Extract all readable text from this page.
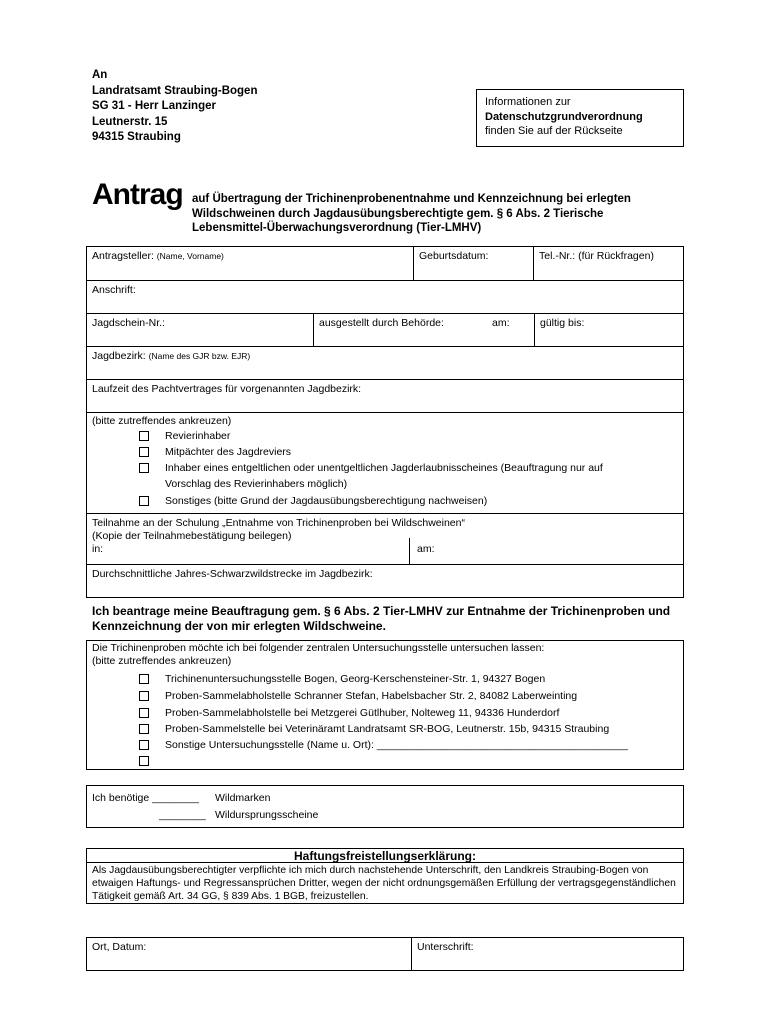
An
Landratsamt Straubing-Bogen
SG 31 - Herr Lanzinger
Leutnerstr. 15
94315 Straubing
Informationen zur
Datenschutzgrundverordnung
finden Sie auf der Rückseite
Antrag auf Übertragung der Trichinenprobenentnahme und Kennzeichnung bei erlegten Wildschweinen durch Jagdausübungsberechtigte gem. § 6 Abs. 2 Tierische Lebensmittel-Überwachungsverordnung (Tier-LMHV)
Antragsteller: (Name, Vorname)	Geburtsdatum:	Tel.-Nr.: (für Rückfragen)
Anschrift:
Jagdschein-Nr.:	ausgestellt durch Behörde:	am:	gültig bis:
Jagdbezirk: (Name des GJR bzw. EJR)
Laufzeit des Pachtvertrages für vorgenannten Jagdbezirk:
(bitte zutreffendes ankreuzen)
Revierinhaber
Mitpächter des Jagdreviers
Inhaber eines entgeltlichen oder unentgeltlichen Jagderlaubnisscheines (Beauftragung nur auf
Vorschlag des Revierinhabers möglich)
Sonstiges (bitte Grund der Jagdausübungsberechtigung nachweisen)
Teilnahme an der Schulung „Entnahme von Trichinenproben bei Wildschweinen“
(Kopie der Teilnahmebestätigung beilegen)
in:	am:
Durchschnittliche Jahres-Schwarzwildstrecke im Jagdbezirk:
Ich beantrage meine Beauftragung gem. § 6 Abs. 2 Tier-LMHV zur Entnahme der Trichinenproben und Kennzeichnung der von mir erlegten Wildschweine.
Die Trichinenproben möchte ich bei folgender zentralen Untersuchungsstelle untersuchen lassen:
(bitte zutreffendes ankreuzen)
Trichinenuntersuchungsstelle Bogen, Georg-Kerschensteiner-Str. 1, 94327 Bogen
Proben-Sammelabholstelle Schranner Stefan, Habelsbacher Str. 2, 84082 Laberweinting
Proben-Sammelabholstelle bei Metzgerei Gütlhuber, Nolteweg 11, 94336 Hunderdorf
Proben-Sammelstelle bei Veterinäramt Landratsamt SR-BOG, Leutnerstr. 15b, 94315 Straubing
Sonstige Untersuchungsstelle (Name u. Ort): ___________________________________________
Ich benötige ________ Wildmarken
________ Wildursprungsscheine
Haftungsfreistellungserklärung:
Als Jagdausübungsberechtigter verpflichte ich mich durch nachstehende Unterschrift, den Landkreis Straubing-Bogen von etwaigen Haftungs- und Regressansprüchen Dritter, wegen der nicht ordnungsgemäßen Erfüllung der vertragsgegenständlichen Tätigkeit gemäß Art. 34 GG, § 839 Abs. 1 BGB, freizustellen.
Ort, Datum:	Unterschrift:
